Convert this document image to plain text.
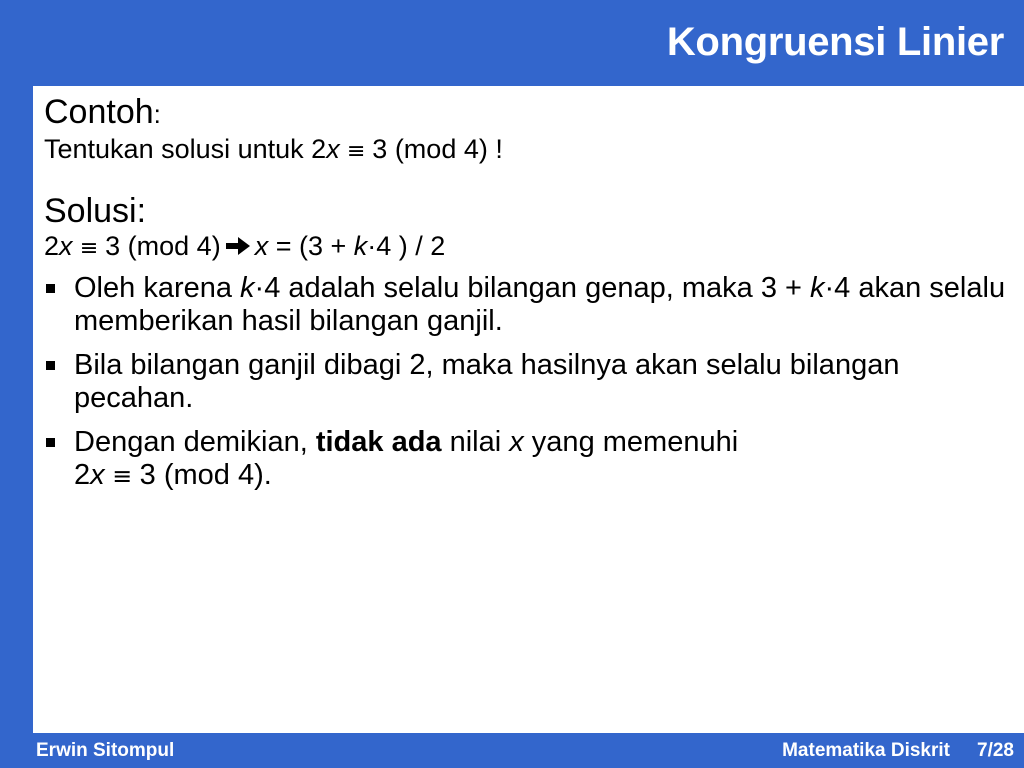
Kongruensi Linier
Contoh:
Tentukan solusi untuk 2x ≡ 3 (mod 4) !
Solusi:
2x ≡ 3 (mod 4) x = (3 + k·4 ) / 2
Oleh karena k·4 adalah selalu bilangan genap, maka 3 + k·4 akan selalu memberikan hasil bilangan ganjil.
Bila bilangan ganjil dibagi 2, maka hasilnya akan selalu bilangan pecahan.
Dengan demikian, tidak ada nilai x yang memenuhi
2x ≡ 3 (mod 4).
Erwin Sitompul	Matematika Diskrit 7/28
